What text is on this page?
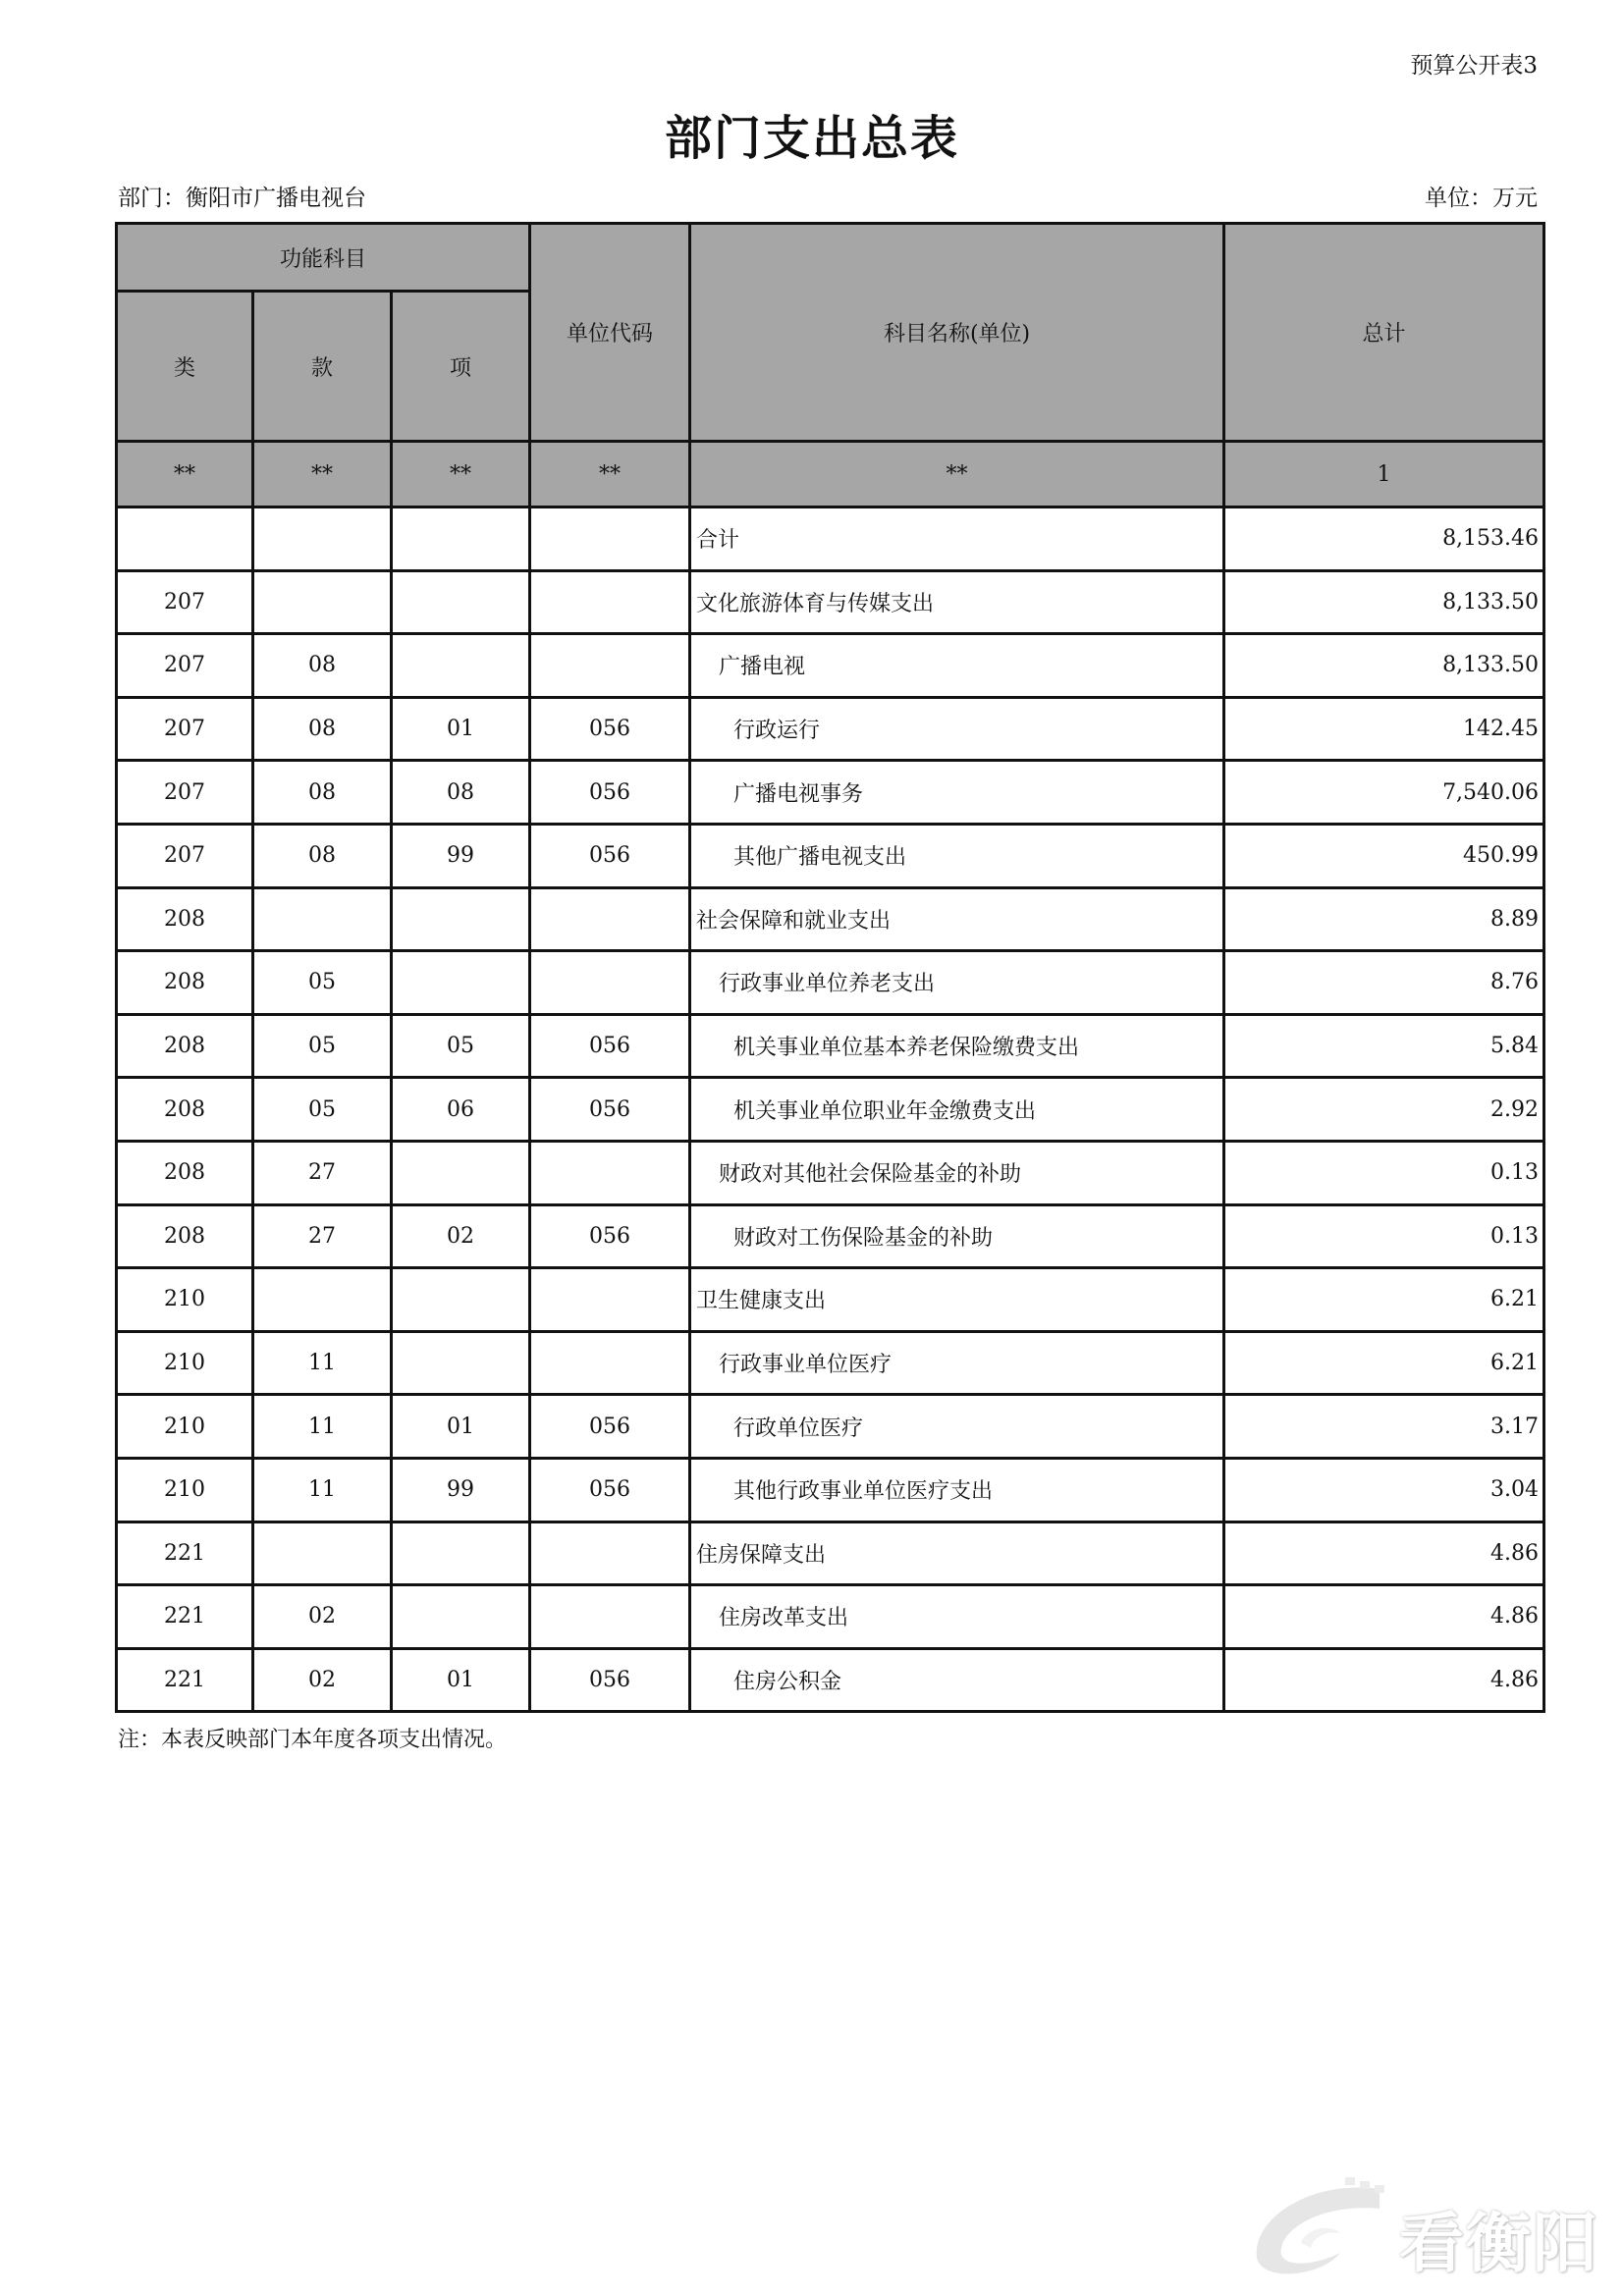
预算公开表3
部门支出总表
部门：衡阳市广播电视台	单位：万元
功能科目			单位代码	科目名称(单位)	总计
类	款	项			
**	**	**	**	**	1
				合计	8,153.46
207				文化旅游体育与传媒支出	8,133.50
207	08			广播电视	8,133.50
207	08	01	056	行政运行	142.45
207	08	08	056	广播电视事务	7,540.06
207	08	99	056	其他广播电视支出	450.99
208				社会保障和就业支出	8.89
208	05			行政事业单位养老支出	8.76
208	05	05	056	机关事业单位基本养老保险缴费支出	5.84
208	05	06	056	机关事业单位职业年金缴费支出	2.92
208	27			财政对其他社会保险基金的补助	0.13
208	27	02	056	财政对工伤保险基金的补助	0.13
210				卫生健康支出	6.21
210	11			行政事业单位医疗	6.21
210	11	01	056	行政单位医疗	3.17
210	11	99	056	其他行政事业单位医疗支出	3.04
221				住房保障支出	4.86
221	02			住房改革支出	4.86
221	02	01	056	住房公积金	4.86
注：本表反映部门本年度各项支出情况。
看衡阳
